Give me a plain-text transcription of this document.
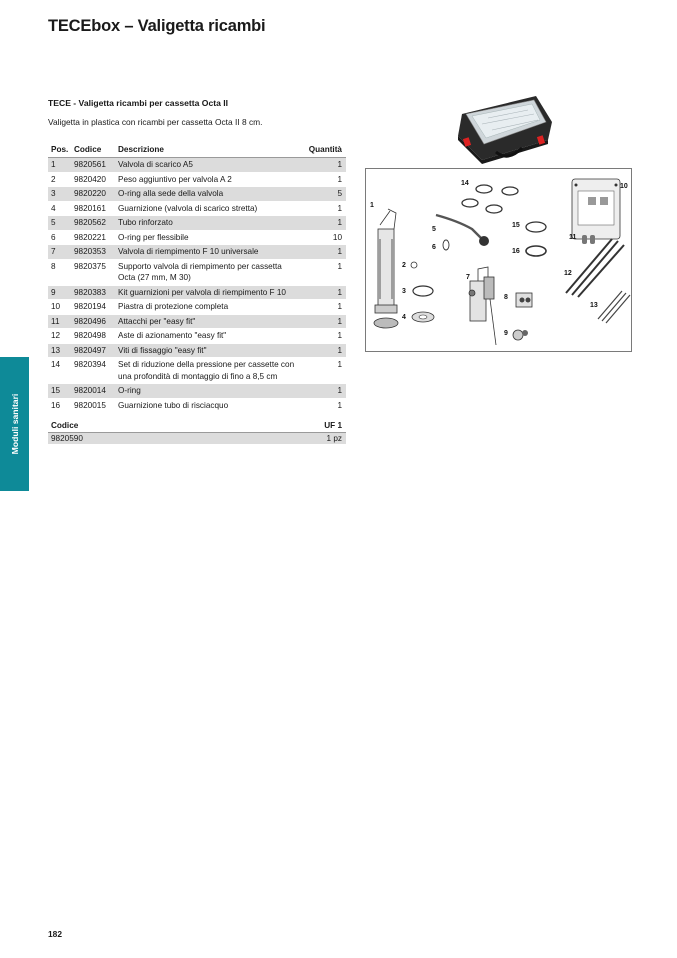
TECEbox – Valigetta ricambi
TECE - Valigetta ricambi per cassetta Octa II

Valigetta in plastica con ricambi per cassetta Octa II 8 cm.

Pos.	Codice	Descrizione	Quantità
1	9820561	Valvola di scarico A5	1
2	9820420	Peso aggiuntivo per valvola A 2	1
3	9820220	O-ring alla sede della valvola	5
4	9820161	Guarnizione (valvola di scarico stretta)	1
5	9820562	Tubo rinforzato	1
6	9820221	O-ring per flessibile	10
7	9820353	Valvola di riempimento F 10 universale	1
8	9820375	Supporto valvola di riempimento per cassetta
Octa (27 mm, M 30)	1
9	9820383	Kit guarnizioni per valvola di riempimento F 10	1
10	9820194	Piastra di protezione completa	1
11	9820496	Attacchi per "easy fit"	1
12	9820498	Aste di azionamento "easy fit"	1
13	9820497	Viti di fissaggio "easy fit"	1
14	9820394	Set di riduzione della pressione per cassette con
una profondità di montaggio di fino a 8,5 cm	1
15	9820014	O-ring	1
16	9820015	Guarnizione tubo di risciacquo	1
Codice	UF 1
9820590	1 pz
Moduli sanitari
182
1
2
3
4
5
6
7
8
9
10
11
12
13
14
15
16
